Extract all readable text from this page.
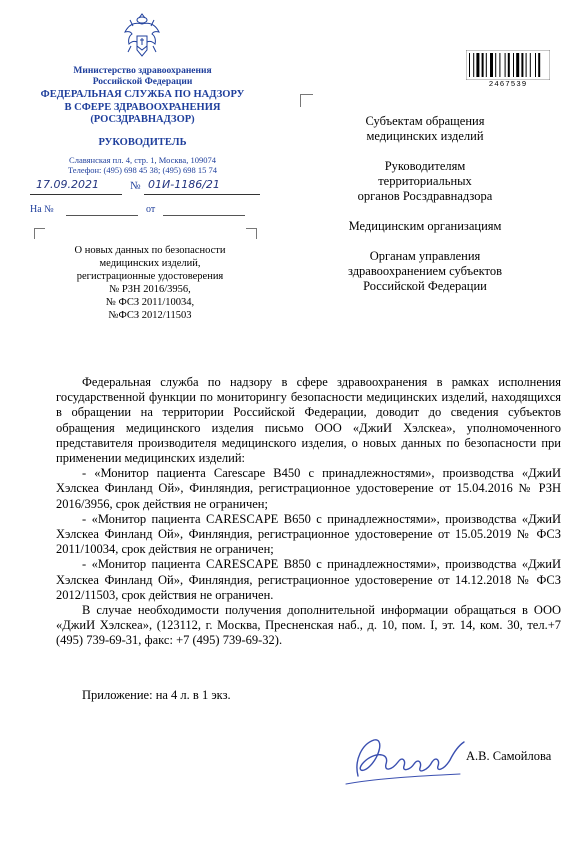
Министерство здравоохранения
Российской Федерации
ФЕДЕРАЛЬНАЯ СЛУЖБА ПО НАДЗОРУ
В СФЕРЕ ЗДРАВООХРАНЕНИЯ
(РОСЗДРАВНАДЗОР)
РУКОВОДИТЕЛЬ
Славянская пл. 4, стр. 1, Москва, 109074
Телефон: (495) 698 45 38; (495) 698 15 74
17.09.2021	№ 01И-1186/21
На №	от
О новых данных по безопасности
медицинских изделий,
регистрационные удостоверения
№ РЗН 2016/3956,
№ ФСЗ 2011/10034,
№ФСЗ 2012/11503
2467539
Субъектам обращения
медицинских изделий
Руководителям
территориальных
органов Росздравнадзора
Медицинским организациям
Органам управления
здравоохранением субъектов
Российской Федерации

Федеральная служба по надзору в сфере здравоохранения в рамках исполнения государственной функции по мониторингу безопасности медицинских изделий, находящихся в обращении на территории Российской Федерации, доводит до сведения субъектов обращения медицинского изделия письмо ООО «ДжиИ Хэлскеа», уполномоченного представителя производителя медицинского изделия, о новых данных по безопасности при применении медицинских изделий:

- «Монитор пациента Carescape B450 с принадлежностями», производства «ДжиИ Хэлскеа Финланд Ой», Финляндия, регистрационное удостоверение от 15.04.2016 № РЗН 2016/3956, срок действия не ограничен;

- «Монитор пациента CARESCAPE B650 с принадлежностями», производства «ДжиИ Хэлскеа Финланд Ой», Финляндия, регистрационное удостоверение от 15.05.2019 № ФСЗ 2011/10034, срок действия не ограничен;

- «Монитор пациента CARESCAPE B850 с принадлежностями», производства «ДжиИ Хэлскеа Финланд Ой», Финляндия, регистрационное удостоверение от 14.12.2018 № ФСЗ 2012/11503, срок действия не ограничен.

В случае необходимости получения дополнительной информации обращаться в ООО «ДжиИ Хэлскеа», (123112, г. Москва, Пресненская наб., д. 10, пом. I, эт. 14, ком. 30, тел.+7 (495) 739-69-31, факс: +7 (495) 739-69-32).

Приложение: на 4 л. в 1 экз.
А.В. Самойлова
